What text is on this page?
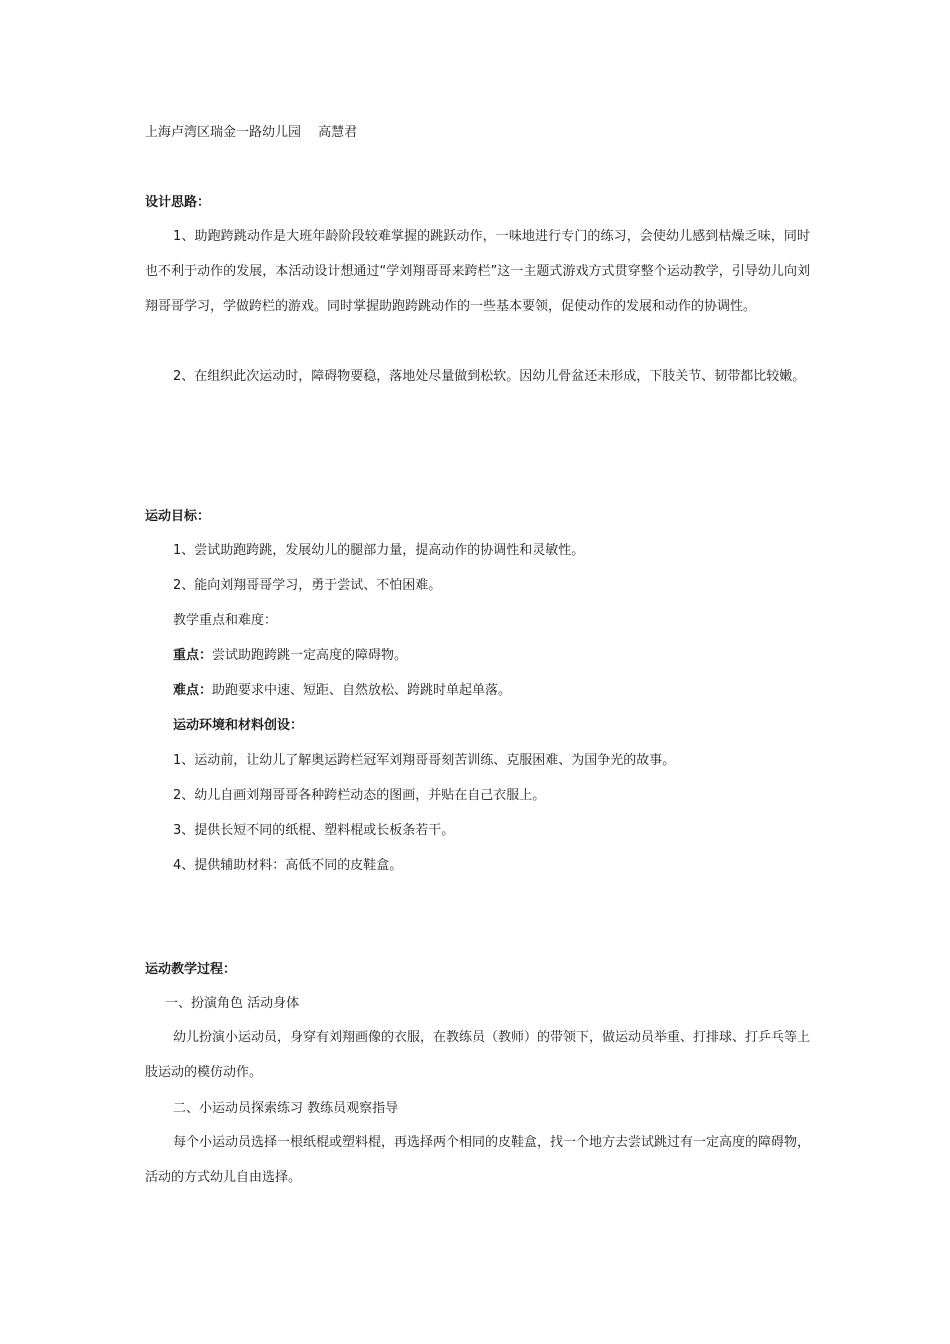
上海卢湾区瑞金一路幼儿园　 高慧君
设计思路：
1、助跑跨跳动作是大班年龄阶段较难掌握的跳跃动作，一味地进行专门的练习，会使幼儿感到枯燥乏味，同时也不利于动作的发展，本活动设计想通过“学刘翔哥哥来跨栏”这一主题式游戏方式贯穿整个运动教学，引导幼儿向刘翔哥哥学习，学做跨栏的游戏。同时掌握助跑跨跳动作的一些基本要领，促使动作的发展和动作的协调性。
2、在组织此次运动时，障碍物要稳，落地处尽量做到松软。因幼儿骨盆还未形成，下肢关节、韧带都比较嫩。
运动目标：
1、尝试助跑跨跳，发展幼儿的腿部力量，提高动作的协调性和灵敏性。
2、能向刘翔哥哥学习，勇于尝试、不怕困难。
教学重点和难度：
重点：尝试助跑跨跳一定高度的障碍物。
难点：助跑要求中速、短距、自然放松、跨跳时单起单落。
运动环境和材料创设：
1、运动前，让幼儿了解奥运跨栏冠军刘翔哥哥刻苦训练、克服困难、为国争光的故事。
2、幼儿自画刘翔哥哥各种跨栏动态的图画，并贴在自己衣服上。
3、提供长短不同的纸棍、塑料棍或长板条若干。
4、提供辅助材料：高低不同的皮鞋盒。
运动教学过程：
一、扮演角色 活动身体
幼儿扮演小运动员，身穿有刘翔画像的衣服，在教练员（教师）的带领下，做运动员举重、打排球、打乒乓等上肢运动的模仿动作。
二、小运动员探索练习 教练员观察指导
每个小运动员选择一根纸棍或塑料棍，再选择两个相同的皮鞋盒，找一个地方去尝试跳过有一定高度的障碍物，活动的方式幼儿自由选择。
